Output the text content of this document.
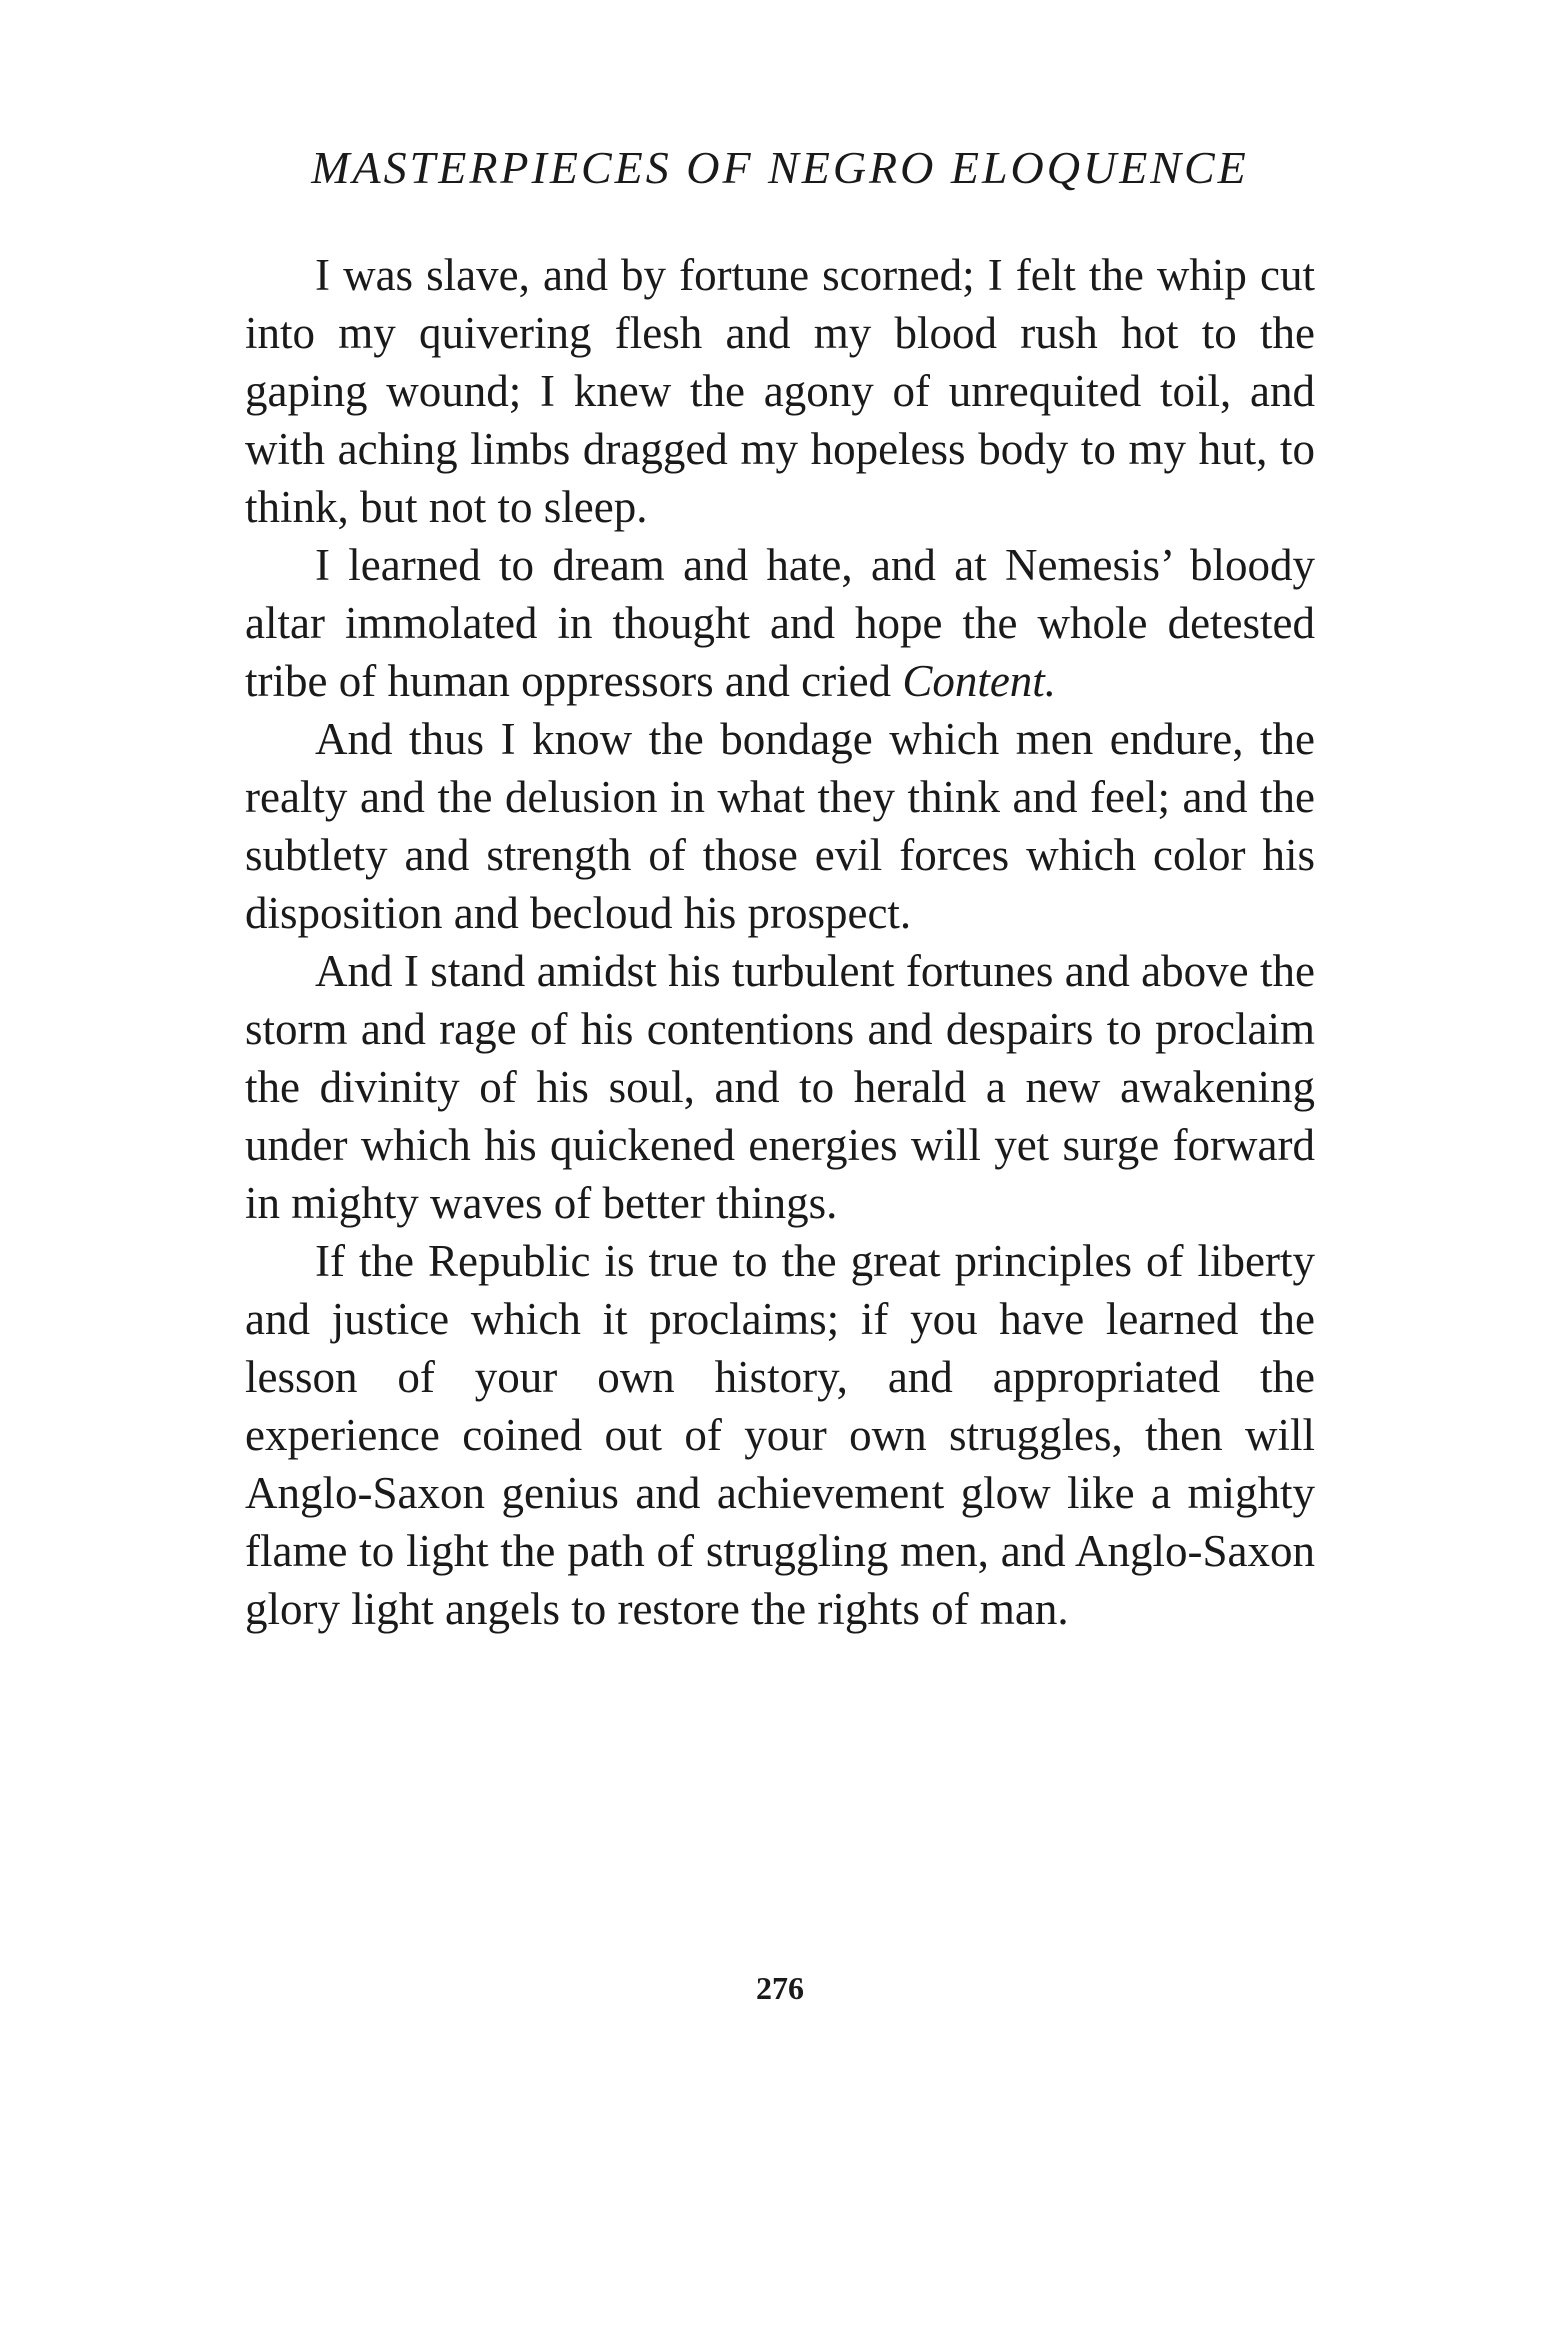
MASTERPIECES OF NEGRO ELOQUENCE

I was slave, and by fortune scorned; I felt the whip cut into my quivering flesh and my blood rush hot to the gaping wound; I knew the agony of unrequited toil, and with aching limbs dragged my hopeless body to my hut, to think, but not to sleep.

I learned to dream and hate, and at Nemesis’ bloody altar immolated in thought and hope the whole detested tribe of human oppressors and cried Content.

And thus I know the bondage which men endure, the realty and the delusion in what they think and feel; and the subtlety and strength of those evil forces which color his disposition and becloud his prospect.

And I stand amidst his turbulent fortunes and above the storm and rage of his contentions and despairs to proclaim the divinity of his soul, and to herald a new awakening under which his quickened energies will yet surge forward in mighty waves of better things.

If the Republic is true to the great principles of liberty and justice which it proclaims; if you have learned the lesson of your own history, and appropriated the experience coined out of your own struggles, then will Anglo-Saxon genius and achievement glow like a mighty flame to light the path of struggling men, and Anglo-Saxon glory light angels to restore the rights of man.

276
